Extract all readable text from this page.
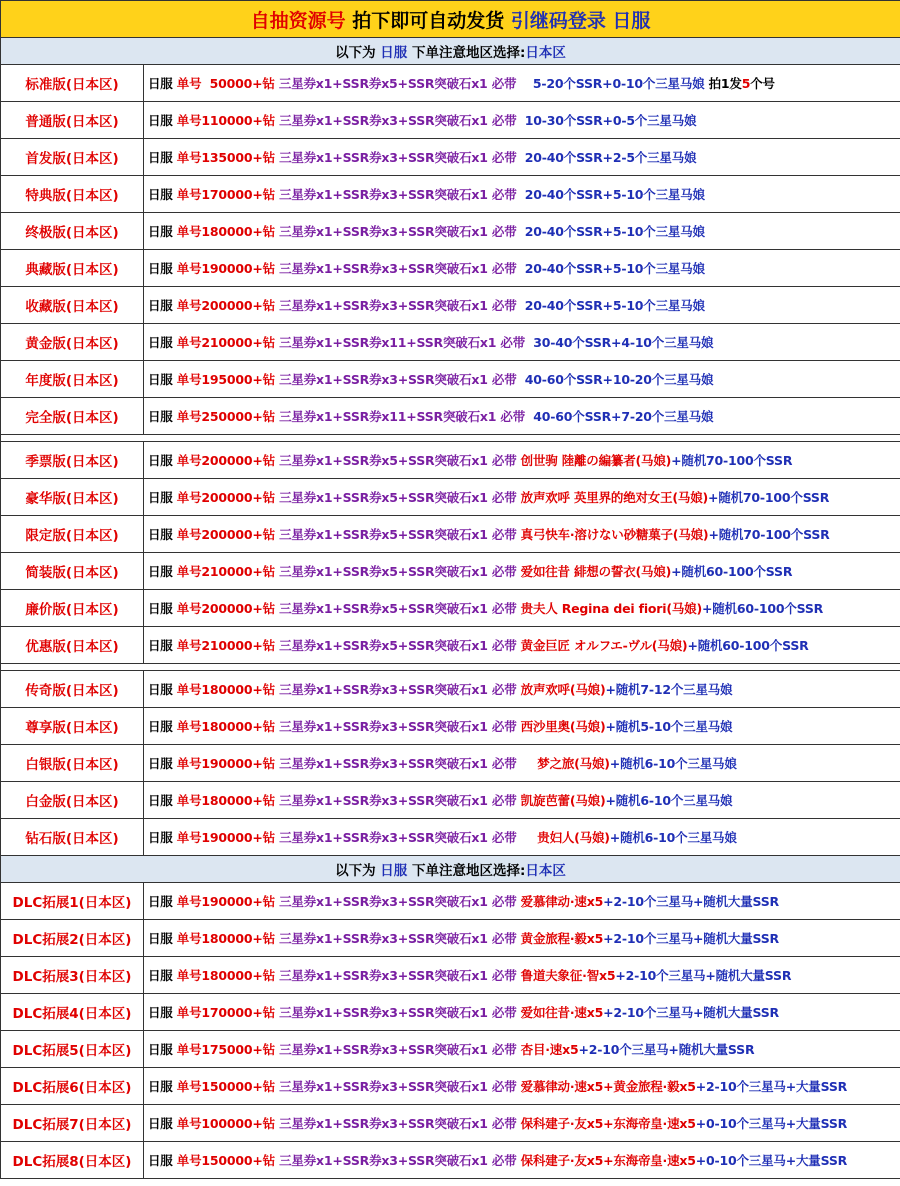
自抽资源号 拍下即可自动发货 引继码登录 日服	
以下为 日服 下单注意地区选择:日本区	
标准版(日本区)	日服 单号  50000+钻 三星券x1+SSR券x5+SSR突破石x1 必带    5-20个SSR+0-10个三星马娘 拍1发5个号
普通版(日本区)	日服 单号110000+钻 三星券x1+SSR券x3+SSR突破石x1 必带  10-30个SSR+0-5个三星马娘
首发版(日本区)	日服 单号135000+钻 三星券x1+SSR券x3+SSR突破石x1 必带  20-40个SSR+2-5个三星马娘
特典版(日本区)	日服 单号170000+钻 三星券x1+SSR券x3+SSR突破石x1 必带  20-40个SSR+5-10个三星马娘
终极版(日本区)	日服 单号180000+钻 三星券x1+SSR券x3+SSR突破石x1 必带  20-40个SSR+5-10个三星马娘
典藏版(日本区)	日服 单号190000+钻 三星券x1+SSR券x3+SSR突破石x1 必带  20-40个SSR+5-10个三星马娘
收藏版(日本区)	日服 单号200000+钻 三星券x1+SSR券x3+SSR突破石x1 必带  20-40个SSR+5-10个三星马娘
黄金版(日本区)	日服 单号210000+钻 三星券x1+SSR券x11+SSR突破石x1 必带  30-40个SSR+4-10个三星马娘
年度版(日本区)	日服 单号195000+钻 三星券x1+SSR券x3+SSR突破石x1 必带  40-60个SSR+10-20个三星马娘
完全版(日本区)	日服 单号250000+钻 三星券x1+SSR券x11+SSR突破石x1 必带  40-60个SSR+7-20个三星马娘

季票版(日本区)	日服 单号200000+钻 三星券x1+SSR券x5+SSR突破石x1 必带 创世驹 陸離の編纂者(马娘)+随机70-100个SSR
豪华版(日本区)	日服 单号200000+钻 三星券x1+SSR券x5+SSR突破石x1 必带 放声欢呼 英里界的绝对女王(马娘)+随机70-100个SSR
限定版(日本区)	日服 单号200000+钻 三星券x1+SSR券x5+SSR突破石x1 必带 真弓快车·溶けない砂糖菓子(马娘)+随机70-100个SSR
简装版(日本区)	日服 单号210000+钻 三星券x1+SSR券x5+SSR突破石x1 必带 爱如往昔 緋想の誓衣(马娘)+随机60-100个SSR
廉价版(日本区)	日服 单号200000+钻 三星券x1+SSR券x5+SSR突破石x1 必带 贵夫人 Regina dei fiori(马娘)+随机60-100个SSR
优惠版(日本区)	日服 单号210000+钻 三星券x1+SSR券x5+SSR突破石x1 必带 黄金巨匠 オルフエ-ヴル(马娘)+随机60-100个SSR

传奇版(日本区)	日服 单号180000+钻 三星券x1+SSR券x3+SSR突破石x1 必带 放声欢呼(马娘)+随机7-12个三星马娘
尊享版(日本区)	日服 单号180000+钻 三星券x1+SSR券x3+SSR突破石x1 必带 西沙里奥(马娘)+随机5-10个三星马娘
白银版(日本区)	日服 单号190000+钻 三星券x1+SSR券x3+SSR突破石x1 必带     梦之旅(马娘)+随机6-10个三星马娘
白金版(日本区)	日服 单号180000+钻 三星券x1+SSR券x3+SSR突破石x1 必带 凯旋芭蕾(马娘)+随机6-10个三星马娘
钻石版(日本区)	日服 单号190000+钻 三星券x1+SSR券x3+SSR突破石x1 必带     贵妇人(马娘)+随机6-10个三星马娘
以下为 日服 下单注意地区选择:日本区	
DLC拓展1(日本区)	日服 单号190000+钻 三星券x1+SSR券x3+SSR突破石x1 必带 爱慕律动·速x5+2-10个三星马+随机大量SSR
DLC拓展2(日本区)	日服 单号180000+钻 三星券x1+SSR券x3+SSR突破石x1 必带 黄金旅程·毅x5+2-10个三星马+随机大量SSR
DLC拓展3(日本区)	日服 单号180000+钻 三星券x1+SSR券x3+SSR突破石x1 必带 鲁道夫象征·智x5+2-10个三星马+随机大量SSR
DLC拓展4(日本区)	日服 单号170000+钻 三星券x1+SSR券x3+SSR突破石x1 必带 爱如往昔·速x5+2-10个三星马+随机大量SSR
DLC拓展5(日本区)	日服 单号175000+钻 三星券x1+SSR券x3+SSR突破石x1 必带 杏目·速x5+2-10个三星马+随机大量SSR
DLC拓展6(日本区)	日服 单号150000+钻 三星券x1+SSR券x3+SSR突破石x1 必带 爱慕律动·速x5+黄金旅程·毅x5+2-10个三星马+大量SSR
DLC拓展7(日本区)	日服 单号100000+钻 三星券x1+SSR券x3+SSR突破石x1 必带 保科建子·友x5+东海帝皇·速x5+0-10个三星马+大量SSR
DLC拓展8(日本区)	日服 单号150000+钻 三星券x1+SSR券x3+SSR突破石x1 必带 保科建子·友x5+东海帝皇·速x5+0-10个三星马+大量SSR
